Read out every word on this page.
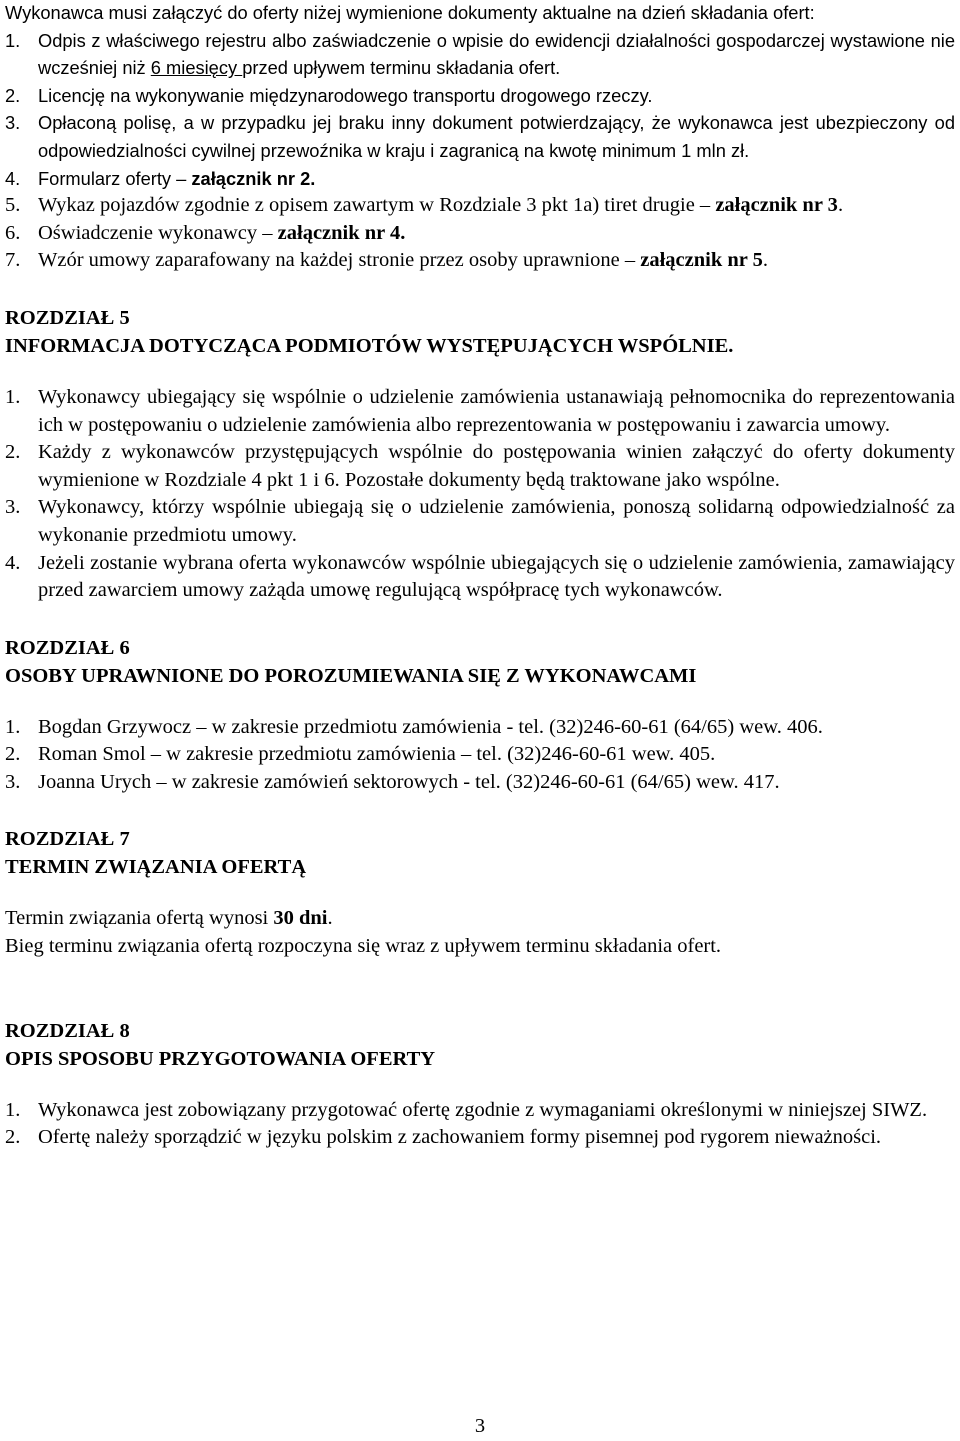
Wykonawca musi załączyć do oferty niżej wymienione dokumenty aktualne na dzień składania ofert:

1. Odpis z właściwego rejestru albo zaświadczenie o wpisie do ewidencji działalności gospodarczej wystawione nie wcześniej niż 6 miesięcy przed upływem terminu składania ofert.
2. Licencję na wykonywanie międzynarodowego transportu drogowego rzeczy.
3. Opłaconą polisę, a w przypadku jej braku inny dokument potwierdzający, że wykonawca jest ubezpieczony od odpowiedzialności cywilnej przewoźnika w kraju i zagranicą na kwotę minimum 1 mln zł.
4. Formularz oferty – załącznik nr 2.
5. Wykaz pojazdów zgodnie z opisem zawartym w Rozdziale 3 pkt 1a) tiret drugie – załącznik nr 3.
6. Oświadczenie wykonawcy – załącznik nr 4.
7. Wzór umowy zaparafowany na każdej stronie przez osoby uprawnione – załącznik nr 5.

ROZDZIAŁ 5

INFORMACJA DOTYCZĄCA PODMIOTÓW WYSTĘPUJĄCYCH WSPÓLNIE.

1. Wykonawcy ubiegający się wspólnie o udzielenie zamówienia ustanawiają pełnomocnika do reprezentowania ich w postępowaniu o udzielenie zamówienia albo reprezentowania w postępowaniu i zawarcia umowy.
2. Każdy z wykonawców przystępujących wspólnie do postępowania winien załączyć do oferty dokumenty wymienione w Rozdziale 4 pkt 1 i 6. Pozostałe dokumenty będą traktowane jako wspólne.
3. Wykonawcy, którzy wspólnie ubiegają się o udzielenie zamówienia, ponoszą solidarną odpowiedzialność za wykonanie przedmiotu umowy.
4. Jeżeli zostanie wybrana oferta wykonawców wspólnie ubiegających się o udzielenie zamówienia, zamawiający przed zawarciem umowy zażąda umowę regulującą współpracę tych wykonawców.

ROZDZIAŁ 6

OSOBY UPRAWNIONE DO POROZUMIEWANIA SIĘ Z WYKONAWCAMI

1. Bogdan Grzywocz – w zakresie przedmiotu zamówienia - tel. (32)246-60-61 (64/65) wew. 406.
2. Roman Smol – w zakresie przedmiotu zamówienia – tel. (32)246-60-61 wew. 405.
3. Joanna Urych – w zakresie zamówień sektorowych - tel. (32)246-60-61 (64/65) wew. 417.

ROZDZIAŁ 7

TERMIN ZWIĄZANIA OFERTĄ

Termin związania ofertą wynosi 30 dni.

Bieg terminu związania ofertą rozpoczyna się wraz z upływem terminu składania ofert.

ROZDZIAŁ 8

OPIS SPOSOBU PRZYGOTOWANIA OFERTY

1. Wykonawca jest zobowiązany przygotować ofertę zgodnie z wymaganiami określonymi w niniejszej SIWZ.
2. Ofertę należy sporządzić w języku polskim z zachowaniem formy pisemnej pod rygorem nieważności.
3
